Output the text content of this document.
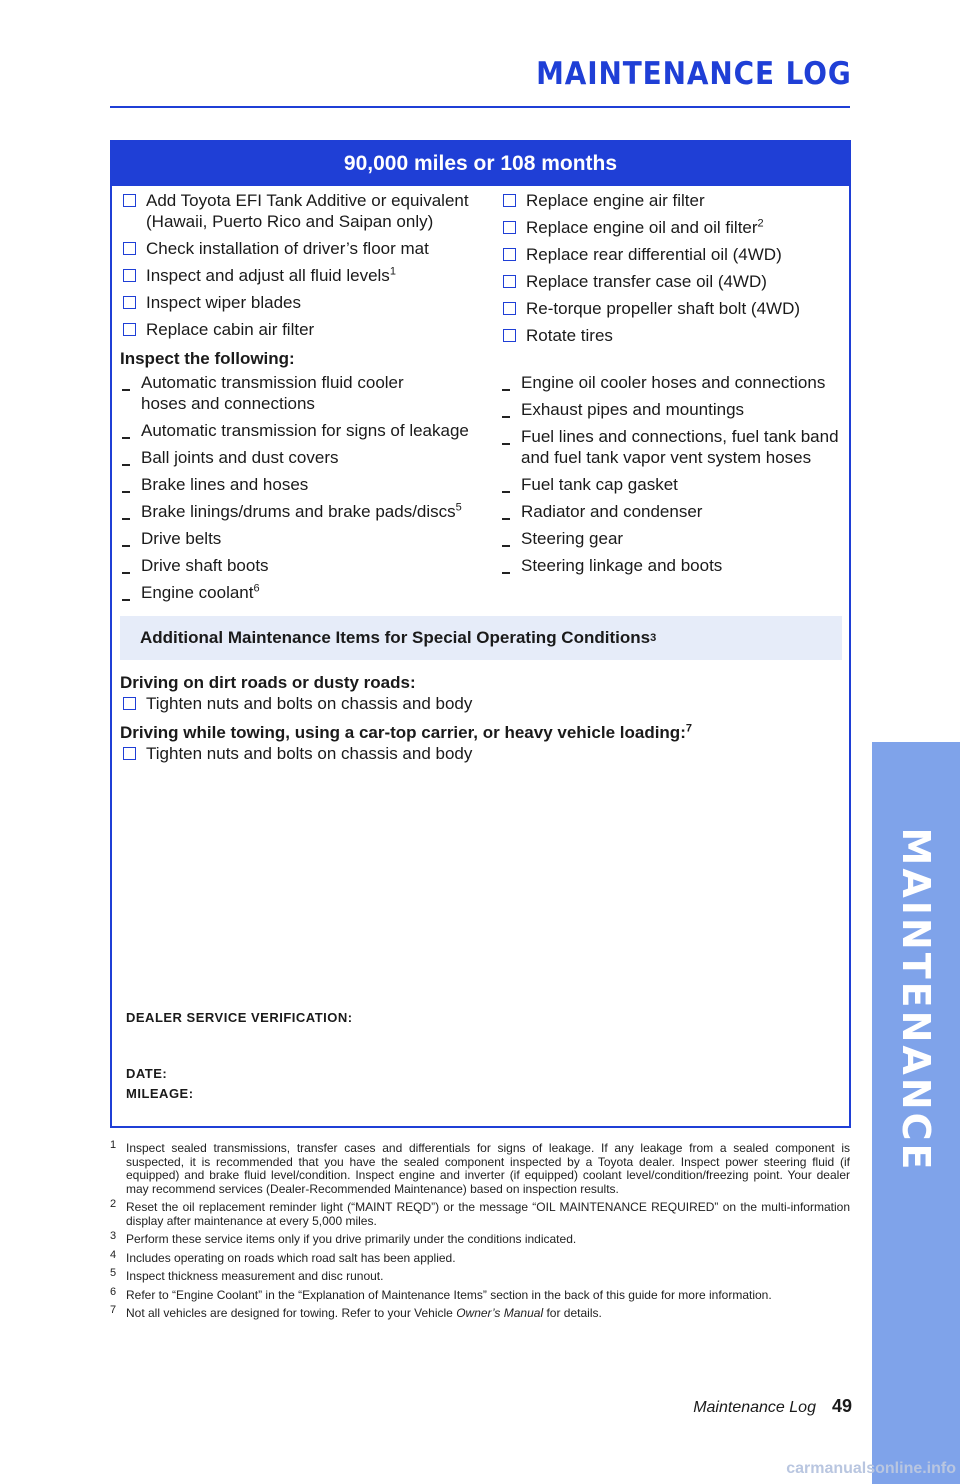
MAINTENANCE LOG
MAINTENANCE
90,000 miles or 108 months
Add Toyota EFI Tank Additive or equivalent
(Hawaii, Puerto Rico and Saipan only)
Check installation of driver’s floor mat
Inspect and adjust all fluid levels$^1$
Inspect wiper blades
Replace cabin air filter
Replace engine air filter
Replace engine oil and oil filter$^2$
Replace rear differential oil (4WD)
Replace transfer case oil (4WD)
Re-torque propeller shaft bolt (4WD)
Rotate tires
Inspect the following:
Automatic transmission fluid cooler
hoses and connections
Automatic transmission for signs of leakage
Ball joints and dust covers
Brake lines and hoses
Brake linings/drums and brake pads/discs$^5$
Drive belts
Drive shaft boots
Engine coolant$^6$
Engine oil cooler hoses and connections
Exhaust pipes and mountings
Fuel lines and connections, fuel tank band
and fuel tank vapor vent system hoses
Fuel tank cap gasket
Radiator and condenser
Steering gear
Steering linkage and boots
Additional Maintenance Items for Special Operating Conditions 3
Driving on dirt roads or dusty roads:
Tighten nuts and bolts on chassis and body
Driving while towing, using a car-top carrier, or heavy vehicle loading:$^7$
Tighten nuts and bolts on chassis and body
DEALER SERVICE VERIFICATION:
DATE:
MILEAGE:
1 Inspect sealed transmissions, transfer cases and differentials for signs of leakage. If any leakage from a sealed component is suspected, it is recommended that you have the sealed component inspected by a Toyota dealer. Inspect power steering fluid (if equipped) and brake fluid level/condition. Inspect engine and inverter (if equipped) coolant level/condition/freezing point. Your dealer may recommend services (Dealer-Recommended Maintenance) based on inspection results.
2 Reset the oil replacement reminder light (“MAINT REQD”) or the message “OIL MAINTENANCE REQUIRED” on the multi-information display after maintenance at every 5,000 miles.
3 Perform these service items only if you drive primarily under the conditions indicated.
4 Includes operating on roads which road salt has been applied.
5 Inspect thickness measurement and disc runout.
6 Refer to “Engine Coolant” in the “Explanation of Maintenance Items” section in the back of this guide for more information.
7 Not all vehicles are designed for towing. Refer to your Vehicle Owner’s Manual for details.
Maintenance Log 49
carmanualsonline.info
